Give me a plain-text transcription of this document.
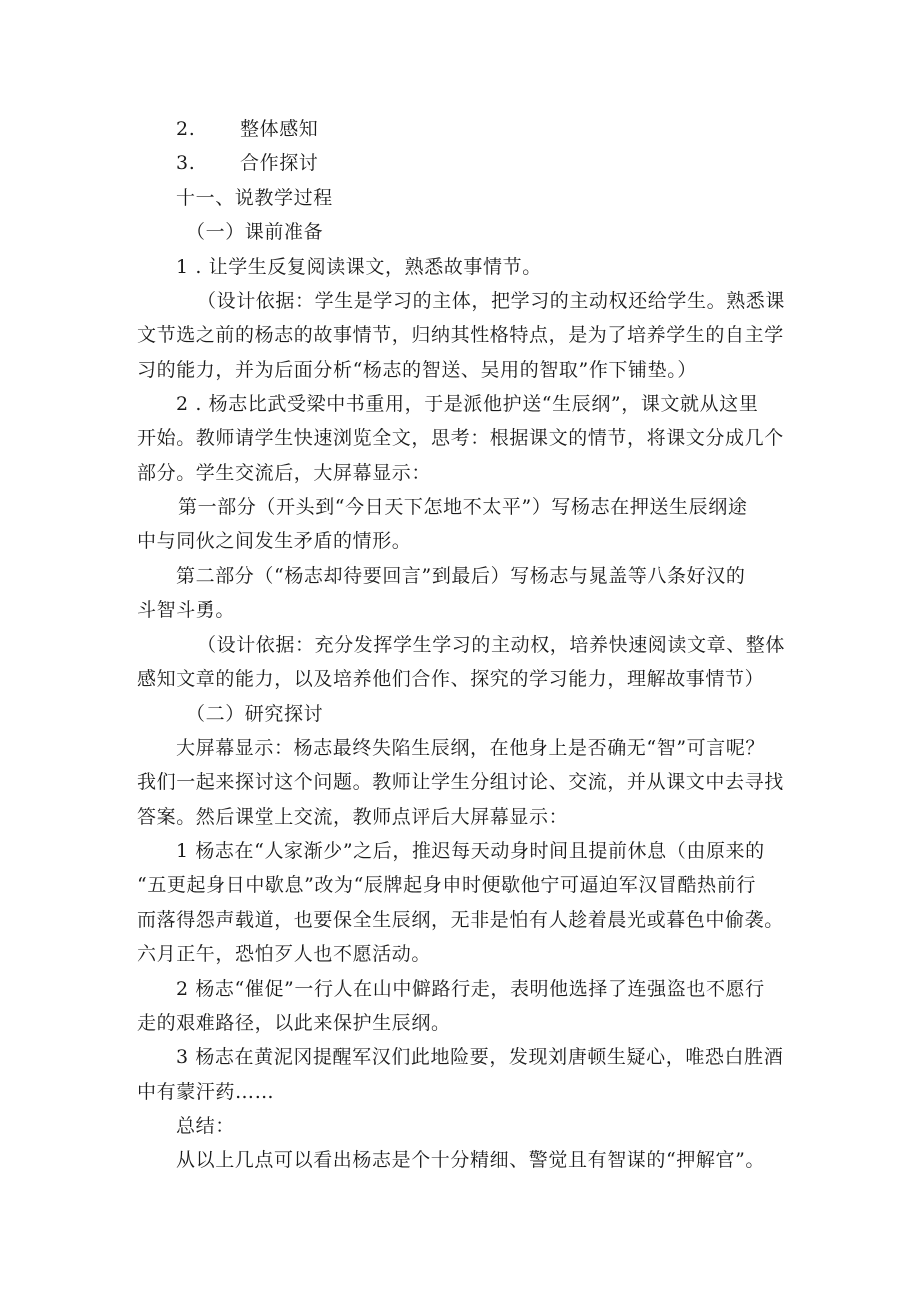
2. 整体感知
3. 合作探讨
十一、说教学过程
（一）课前准备
1 . 让学生反复阅读课文，熟悉故事情节。
（设计依据：学生是学习的主体，把学习的主动权还给学生。熟悉课
文节选之前的杨志的故事情节，归纳其性格特点，是为了培养学生的自主学
习的能力，并为后面分析“杨志的智送、吴用的智取”作下铺垫。）
2 . 杨志比武受梁中书重用，于是派他护送“生辰纲”，课文就从这里
开始。教师请学生快速浏览全文，思考：根据课文的情节，将课文分成几个
部分。学生交流后，大屏幕显示：
第一部分（开头到“今日天下怎地不太平”）写杨志在押送生辰纲途
中与同伙之间发生矛盾的情形。
第二部分（“杨志却待要回言”到最后）写杨志与晁盖等八条好汉的
斗智斗勇。
（设计依据：充分发挥学生学习的主动权，培养快速阅读文章、整体
感知文章的能力，以及培养他们合作、探究的学习能力，理解故事情节）
（二）研究探讨
大屏幕显示：杨志最终失陷生辰纲，在他身上是否确无“智”可言呢？
我们一起来探讨这个问题。教师让学生分组讨论、交流，并从课文中去寻找
答案。然后课堂上交流，教师点评后大屏幕显示：
1 杨志在“人家渐少”之后，推迟每天动身时间且提前休息（由原来的
“五更起身日中歇息”改为“辰牌起身申时便歇他宁可逼迫军汉冒酷热前行
而落得怨声载道，也要保全生辰纲，无非是怕有人趁着晨光或暮色中偷袭。
六月正午，恐怕歹人也不愿活动。
2 杨志“催促”一行人在山中僻路行走，表明他选择了连强盗也不愿行
走的艰难路径，以此来保护生辰纲。
3 杨志在黄泥冈提醒军汉们此地险要，发现刘唐顿生疑心，唯恐白胜酒
中有蒙汗药……
总结：
从以上几点可以看出杨志是个十分精细、警觉且有智谋的“押解官”。
